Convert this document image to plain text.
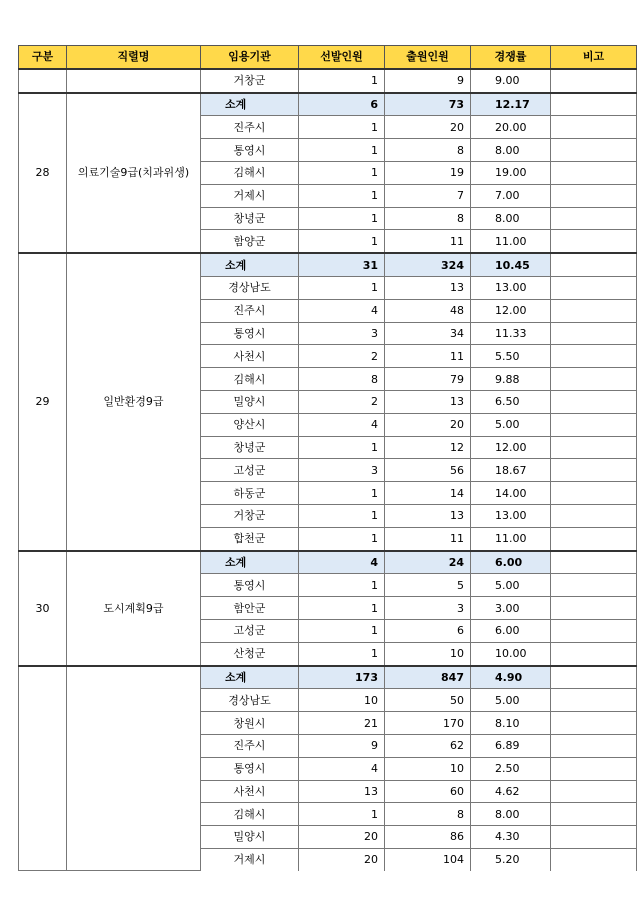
구분	직렬명	임용기관	선발인원	출원인원	경쟁률	비고
		거창군	1	9	9.00	
28	의료기술9급(치과위생)	소계	6	73	12.17	
		진주시	1	20	20.00	
		통영시	1	8	8.00	
		김해시	1	19	19.00	
		거제시	1	7	7.00	
		창녕군	1	8	8.00	
		함양군	1	11	11.00	
29	일반환경9급	소계	31	324	10.45	
		경상남도	1	13	13.00	
		진주시	4	48	12.00	
		통영시	3	34	11.33	
		사천시	2	11	5.50	
		김해시	8	79	9.88	
		밀양시	2	13	6.50	
		양산시	4	20	5.00	
		창녕군	1	12	12.00	
		고성군	3	56	18.67	
		하동군	1	14	14.00	
		거창군	1	13	13.00	
		합천군	1	11	11.00	
30	도시계획9급	소계	4	24	6.00	
		통영시	1	5	5.00	
		함안군	1	3	3.00	
		고성군	1	6	6.00	
		산청군	1	10	10.00	
		소계	173	847	4.90	
		경상남도	10	50	5.00	
		창원시	21	170	8.10	
		진주시	9	62	6.89	
		통영시	4	10	2.50	
		사천시	13	60	4.62	
		김해시	1	8	8.00	
		밀양시	20	86	4.30	
		거제시	20	104	5.20	
